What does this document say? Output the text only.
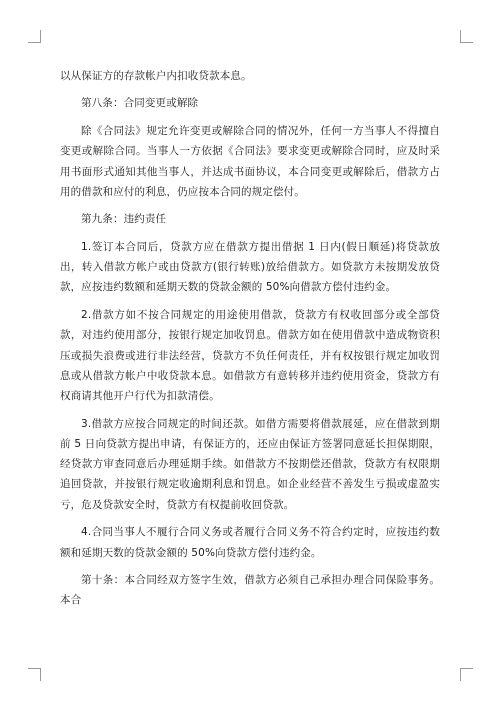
以从保证方的存款帐户内扣收贷款本息。

第八条：合同变更或解除

除《合同法》规定允许变更或解除合同的情况外，任何一方当事人不得擅自变更或解除合同。当事人一方依据《合同法》要求变更或解除合同时，应及时采用书面形式通知其他当事人，并达成书面协议，本合同变更或解除后，借款方占用的借款和应付的利息，仍应按本合同的规定偿付。

第九条：违约责任

1.签订本合同后，贷款方应在借款方提出借据 1 日内(假日顺延)将贷款放出，转入借款方帐户或由贷款方(银行转账)放给借款方。如贷款方未按期发放贷款，应按违约数额和延期天数的贷款金额的 50%向借款方偿付违约金。

2.借款方如不按合同规定的用途使用借款，贷款方有权收回部分或全部贷款，对违约使用部分，按银行规定加收罚息。借款方如在使用借款中造成物资积压或损失浪费或进行非法经营，贷款方不负任何责任，并有权按银行规定加收罚息或从借款方帐户中收贷款本息。如借款方有意转移并违约使用资金，贷款方有权商请其他开户行代为扣款清偿。

3.借款方应按合同规定的时间还款。如借方需要将借款展延，应在借款到期前 5 日向贷款方提出申请，有保证方的，还应由保证方签署同意延长担保期限，经贷款方审查同意后办理延期手续。如借款方不按期偿还借款，贷款方有权限期追回贷款，并按银行规定收逾期利息和罚息。如企业经营不善发生亏损或虚盈实亏，危及贷款安全时，贷款方有权提前收回贷款。

4.合同当事人不履行合同义务或者履行合同义务不符合约定时，应按违约数额和延期天数的贷款金额的 50%向贷款方偿付违约金。

第十条：本合同经双方签字生效，借款方必须自己承担办理合同保险事务。本合
